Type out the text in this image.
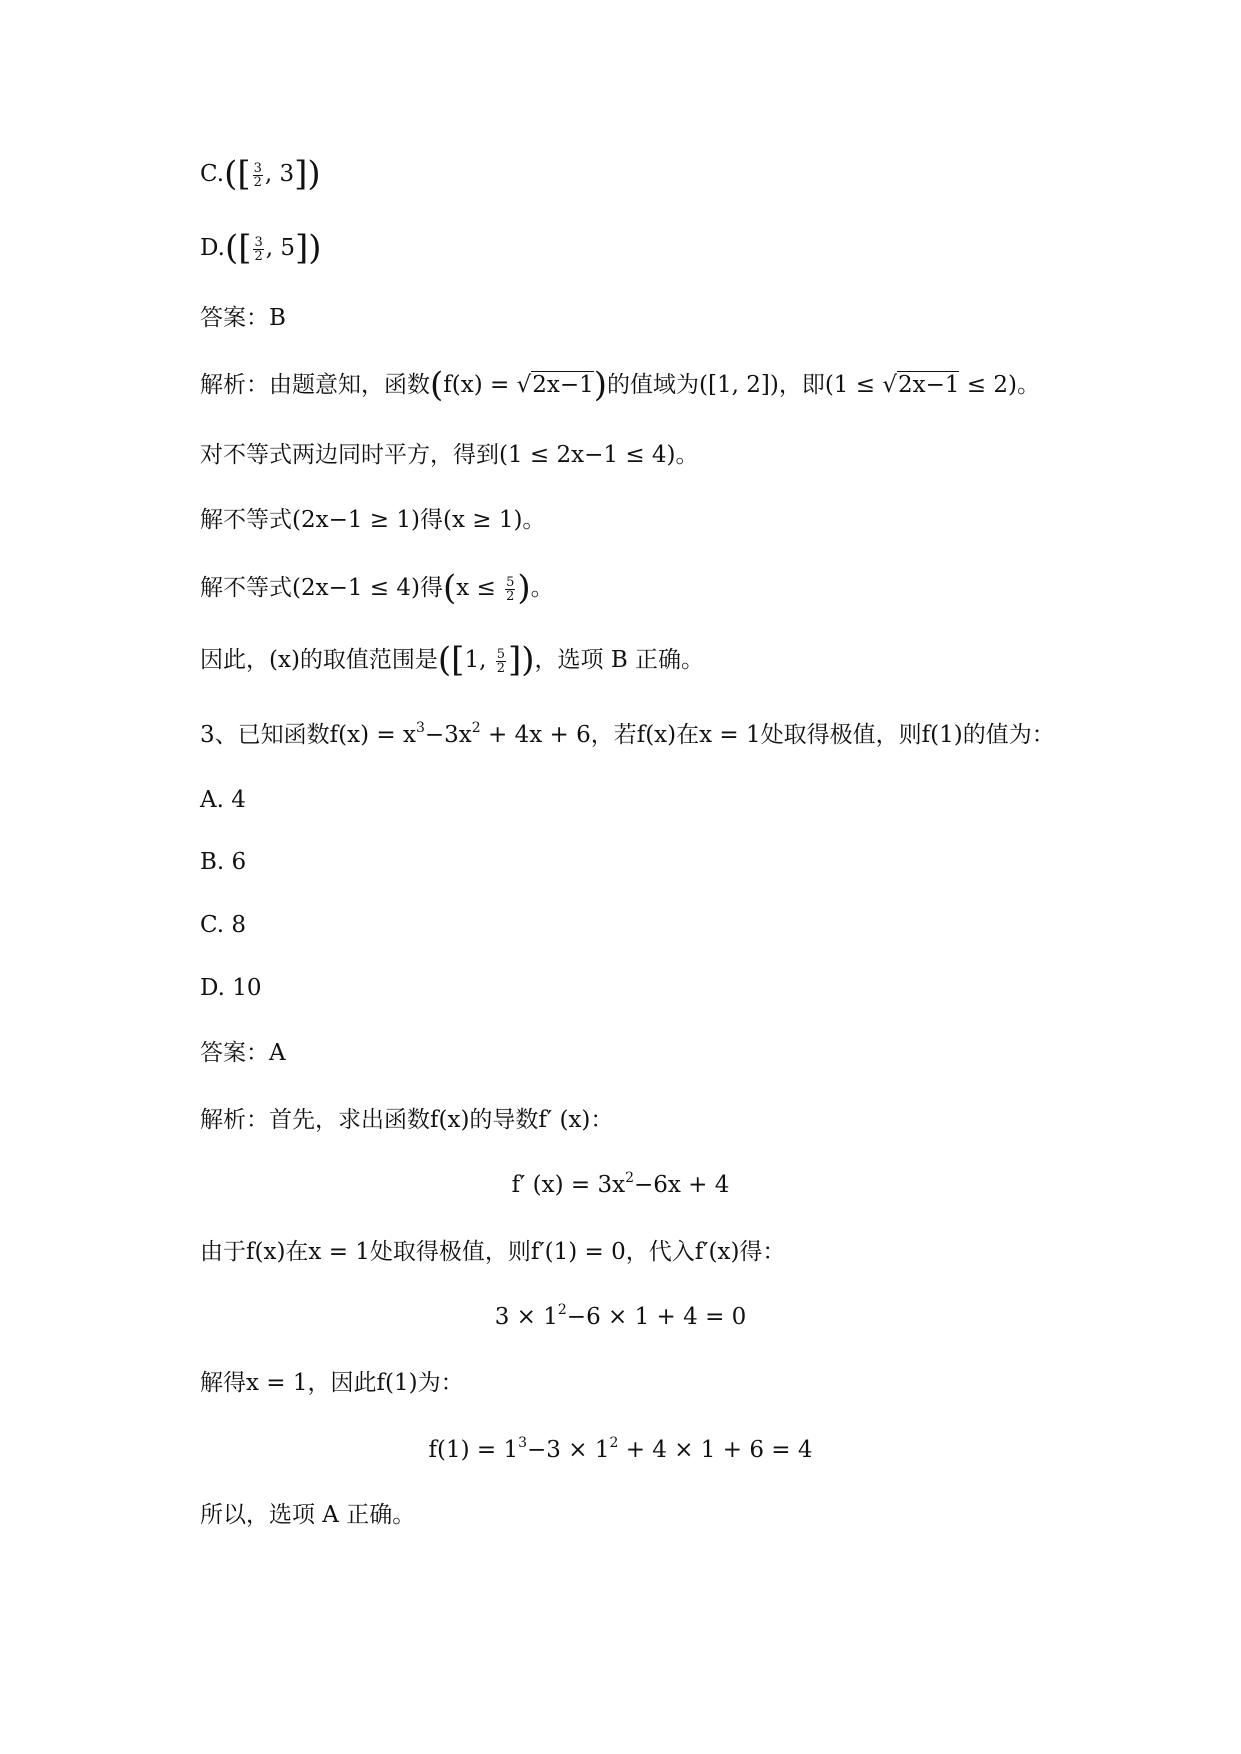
$C.([ \frac{3}{2}$ , 3])
$D.([ \frac{3}{2}$ , 5])
答案：B
解析：由题意知，函数(f(x) = √2x−1)的值域为([1, 2])，即(1 ≤ √2x−1 ≤ 2)。
对不等式两边同时平方，得到(1 ≤ 2x−1 ≤ 4)。
解不等式(2x−1 ≥ 1)得(x ≥ 1)。
解不等式(2x−1 ≤ 4)得($x \le \frac{5}{2}$ )。
因此，(x)的取值范围是([1, $\frac{5}{2}$ ])，选项 B 正确。
3、已知函数$f(x) = x^3-3x^2 + 4x + 6$，若f(x)在x = 1处取得极值，则f(1)的值为：
A. 4
B. 6
C. 8
D. 10
答案：A
解析：首先，求出函数f(x)的导数f′ (x)：
f′ $(x) = 3x^2-6x + 4$
由于f(x)在x = 1处取得极值，则f′(1) = 0，代入f′(x)得：
$3 \times 1^2-6 \times 1 + 4 = 0$
解得x = 1，因此f(1)为：
$f(1) = 1^3-3 \times 1^2 + 4 \times 1 + 6 = 4$
所以，选项 A 正确。
